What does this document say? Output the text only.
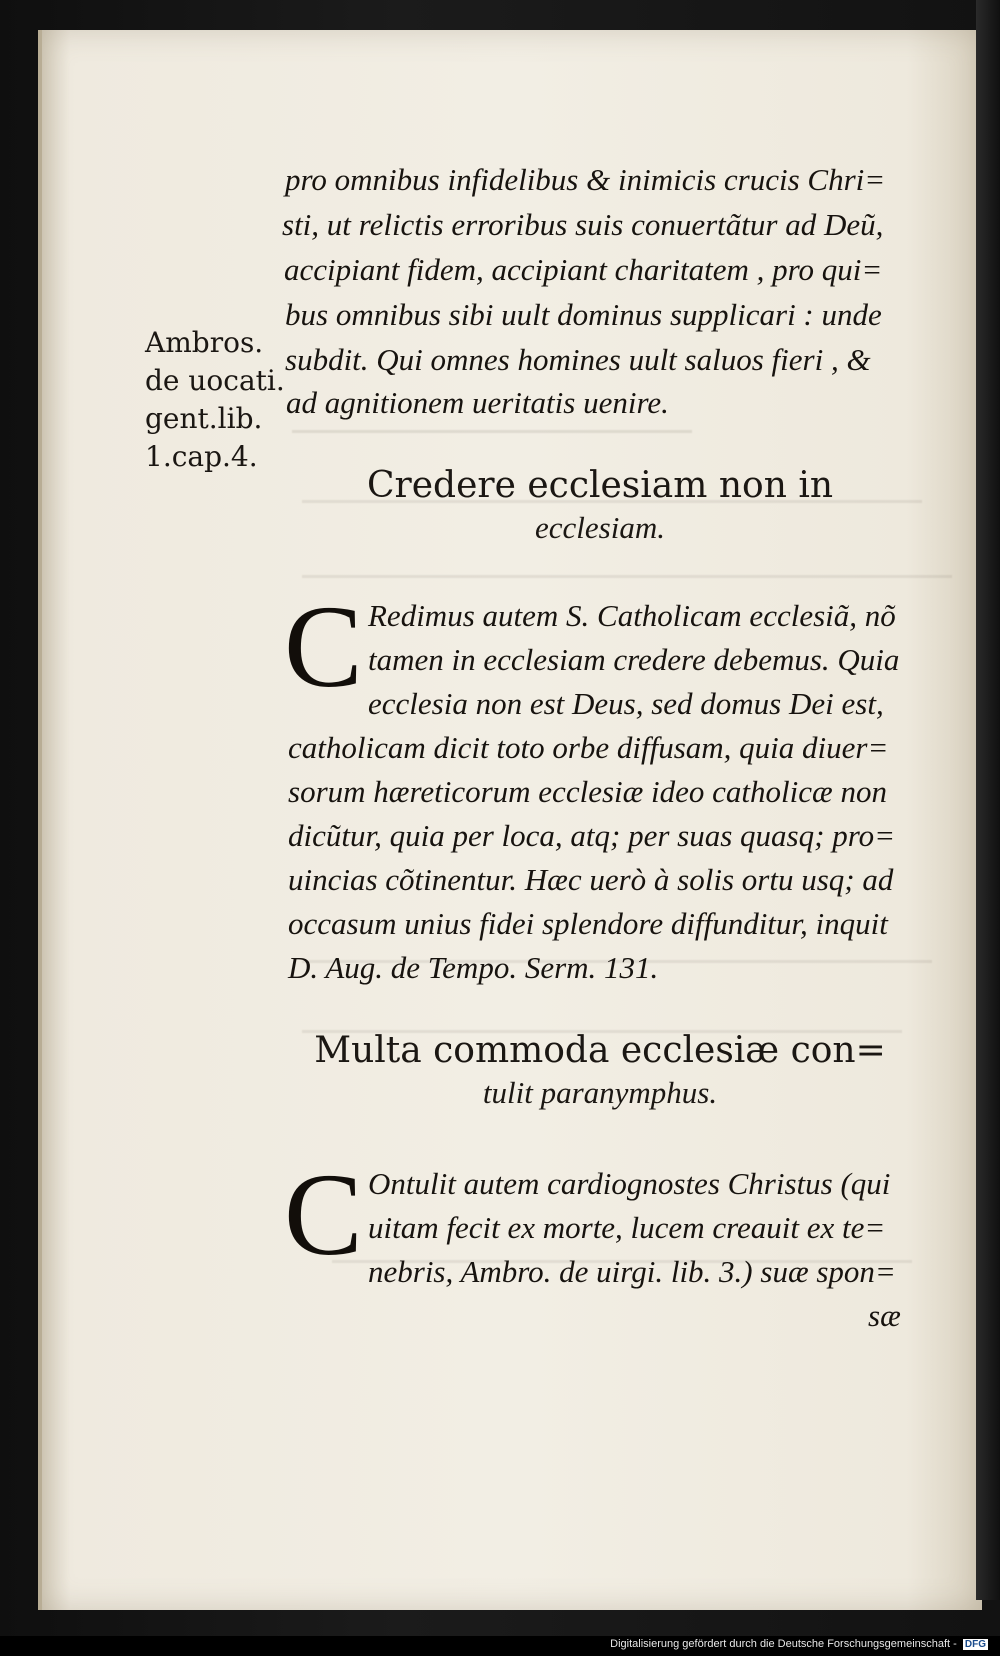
Ambros.
de uocati.
gent.lib.
1.cap.4.
pro omnibus infidelibus & inimicis crucis Chri=
sti, ut relictis erroribus suis conuertãtur ad Deũ,
accipiant fidem, accipiant charitatem , pro qui=
bus omnibus sibi uult dominus supplicari : unde
subdit. Qui omnes homines uult saluos fieri , &
ad agnitionem ueritatis uenire.
Credere ecclesiam non in
ecclesiam.
C Redimus autem S. Catholicam ecclesiã, nõ
tamen in ecclesiam credere debemus. Quia
ecclesia non est Deus, sed domus Dei est,
catholicam dicit toto orbe diffusam, quia diuer=
sorum hæreticorum ecclesiæ ideo catholicæ non
dicũtur, quia per loca, atq; per suas quasq; pro=
uincias cõtinentur. Hæc uerò à solis ortu usq; ad
occasum unius fidei splendore diffunditur, inquit
D. Aug. de Tempo. Serm. 131.
Multa commoda ecclesiæ con=
tulit paranymphus.
C Ontulit autem cardiognostes Christus (qui
uitam fecit ex morte, lucem creauit ex te=
nebris, Ambro. de uirgi. lib. 3.) suæ spon=
sæ
Digitalisierung gefördert durch die Deutsche Forschungsgemeinschaft - DFG
